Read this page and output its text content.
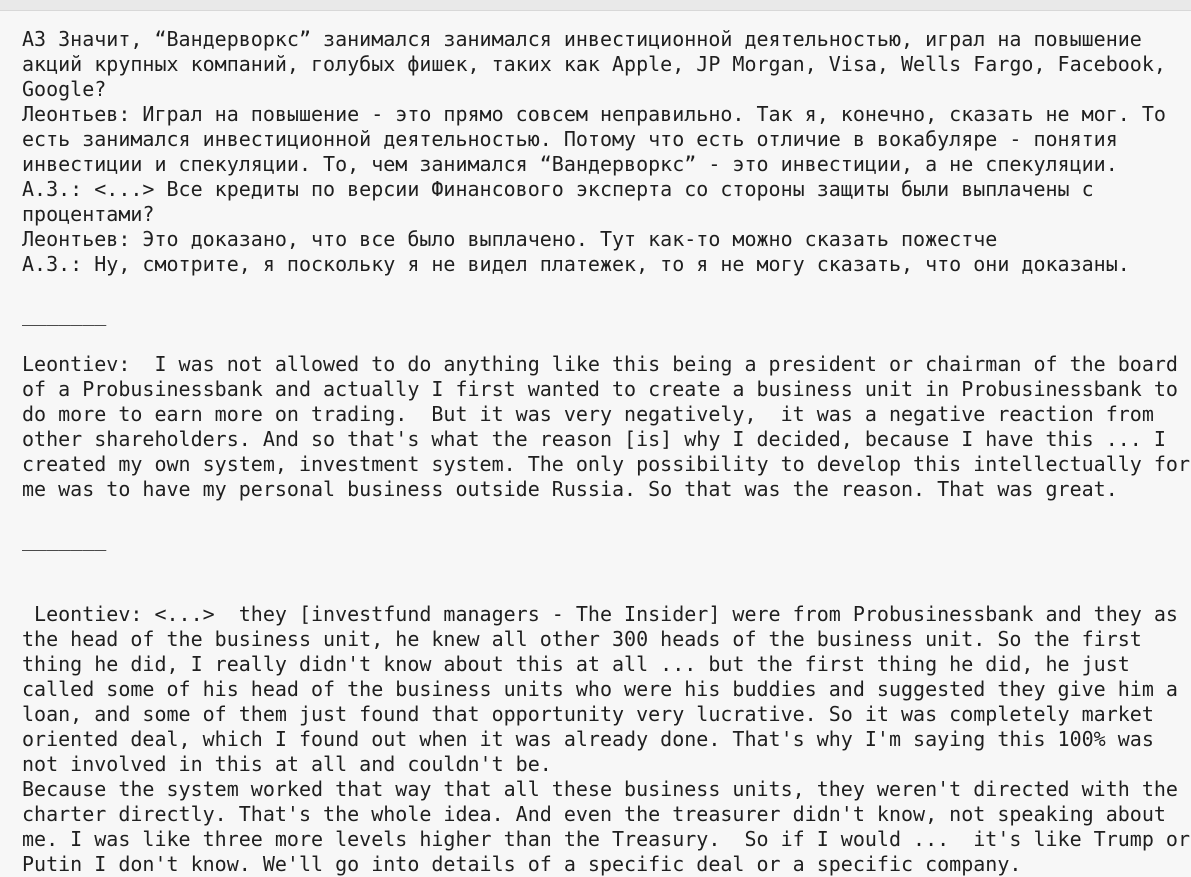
АЗ Значит, “Вандерворкс” занимался занимался инвестиционной деятельностью, играл на повышение
акций крупных компаний, голубых фишек, таких как Apple, JP Morgan, Visa, Wells Fargo, Facebook,
Google?
Леонтьев: Играл на повышение - это прямо совсем неправильно. Так я, конечно, сказать не мог. То
есть занимался инвестиционной деятельностью. Потому что есть отличие в вокабуляре - понятия
инвестиции и спекуляции. То, чем занимался “Вандерворкс” - это инвестиции, а не спекуляции.
А.З.: <...> Все кредиты по версии Финансового эксперта со стороны защиты были выплачены с
процентами?
Леонтьев: Это доказано, что все было выплачено. Тут как-то можно сказать пожестче
А.З.: Ну, смотрите, я поскольку я не видел платежек, то я не могу сказать, что они доказаны.

_______

Leontiev:  I was not allowed to do anything like this being a president or chairman of the board
of a Probusinessbank and actually I first wanted to create a business unit in Probusinessbank to
do more to earn more on trading.  But it was very negatively,  it was a negative reaction from
other shareholders. And so that's what the reason [is] why I decided, because I have this ... I
created my own system, investment system. The only possibility to develop this intellectually for
me was to have my personal business outside Russia. So that was the reason. That was great.

_______

Leontiev: <...>  they [investfund managers - The Insider] were from Probusinessbank and they as
the head of the business unit, he knew all other 300 heads of the business unit. So the first
thing he did, I really didn't know about this at all ... but the first thing he did, he just
called some of his head of the business units who were his buddies and suggested they give him a
loan, and some of them just found that opportunity very lucrative. So it was completely market
oriented deal, which I found out when it was already done. That's why I'm saying this 100% was
not involved in this at all and couldn't be.
Because the system worked that way that all these business units, they weren't directed with the
charter directly. That's the whole idea. And even the treasurer didn't know, not speaking about
me. I was like three more levels higher than the Treasury.  So if I would ...  it's like Trump or
Putin I don't know. We'll go into details of a specific deal or a specific company.
